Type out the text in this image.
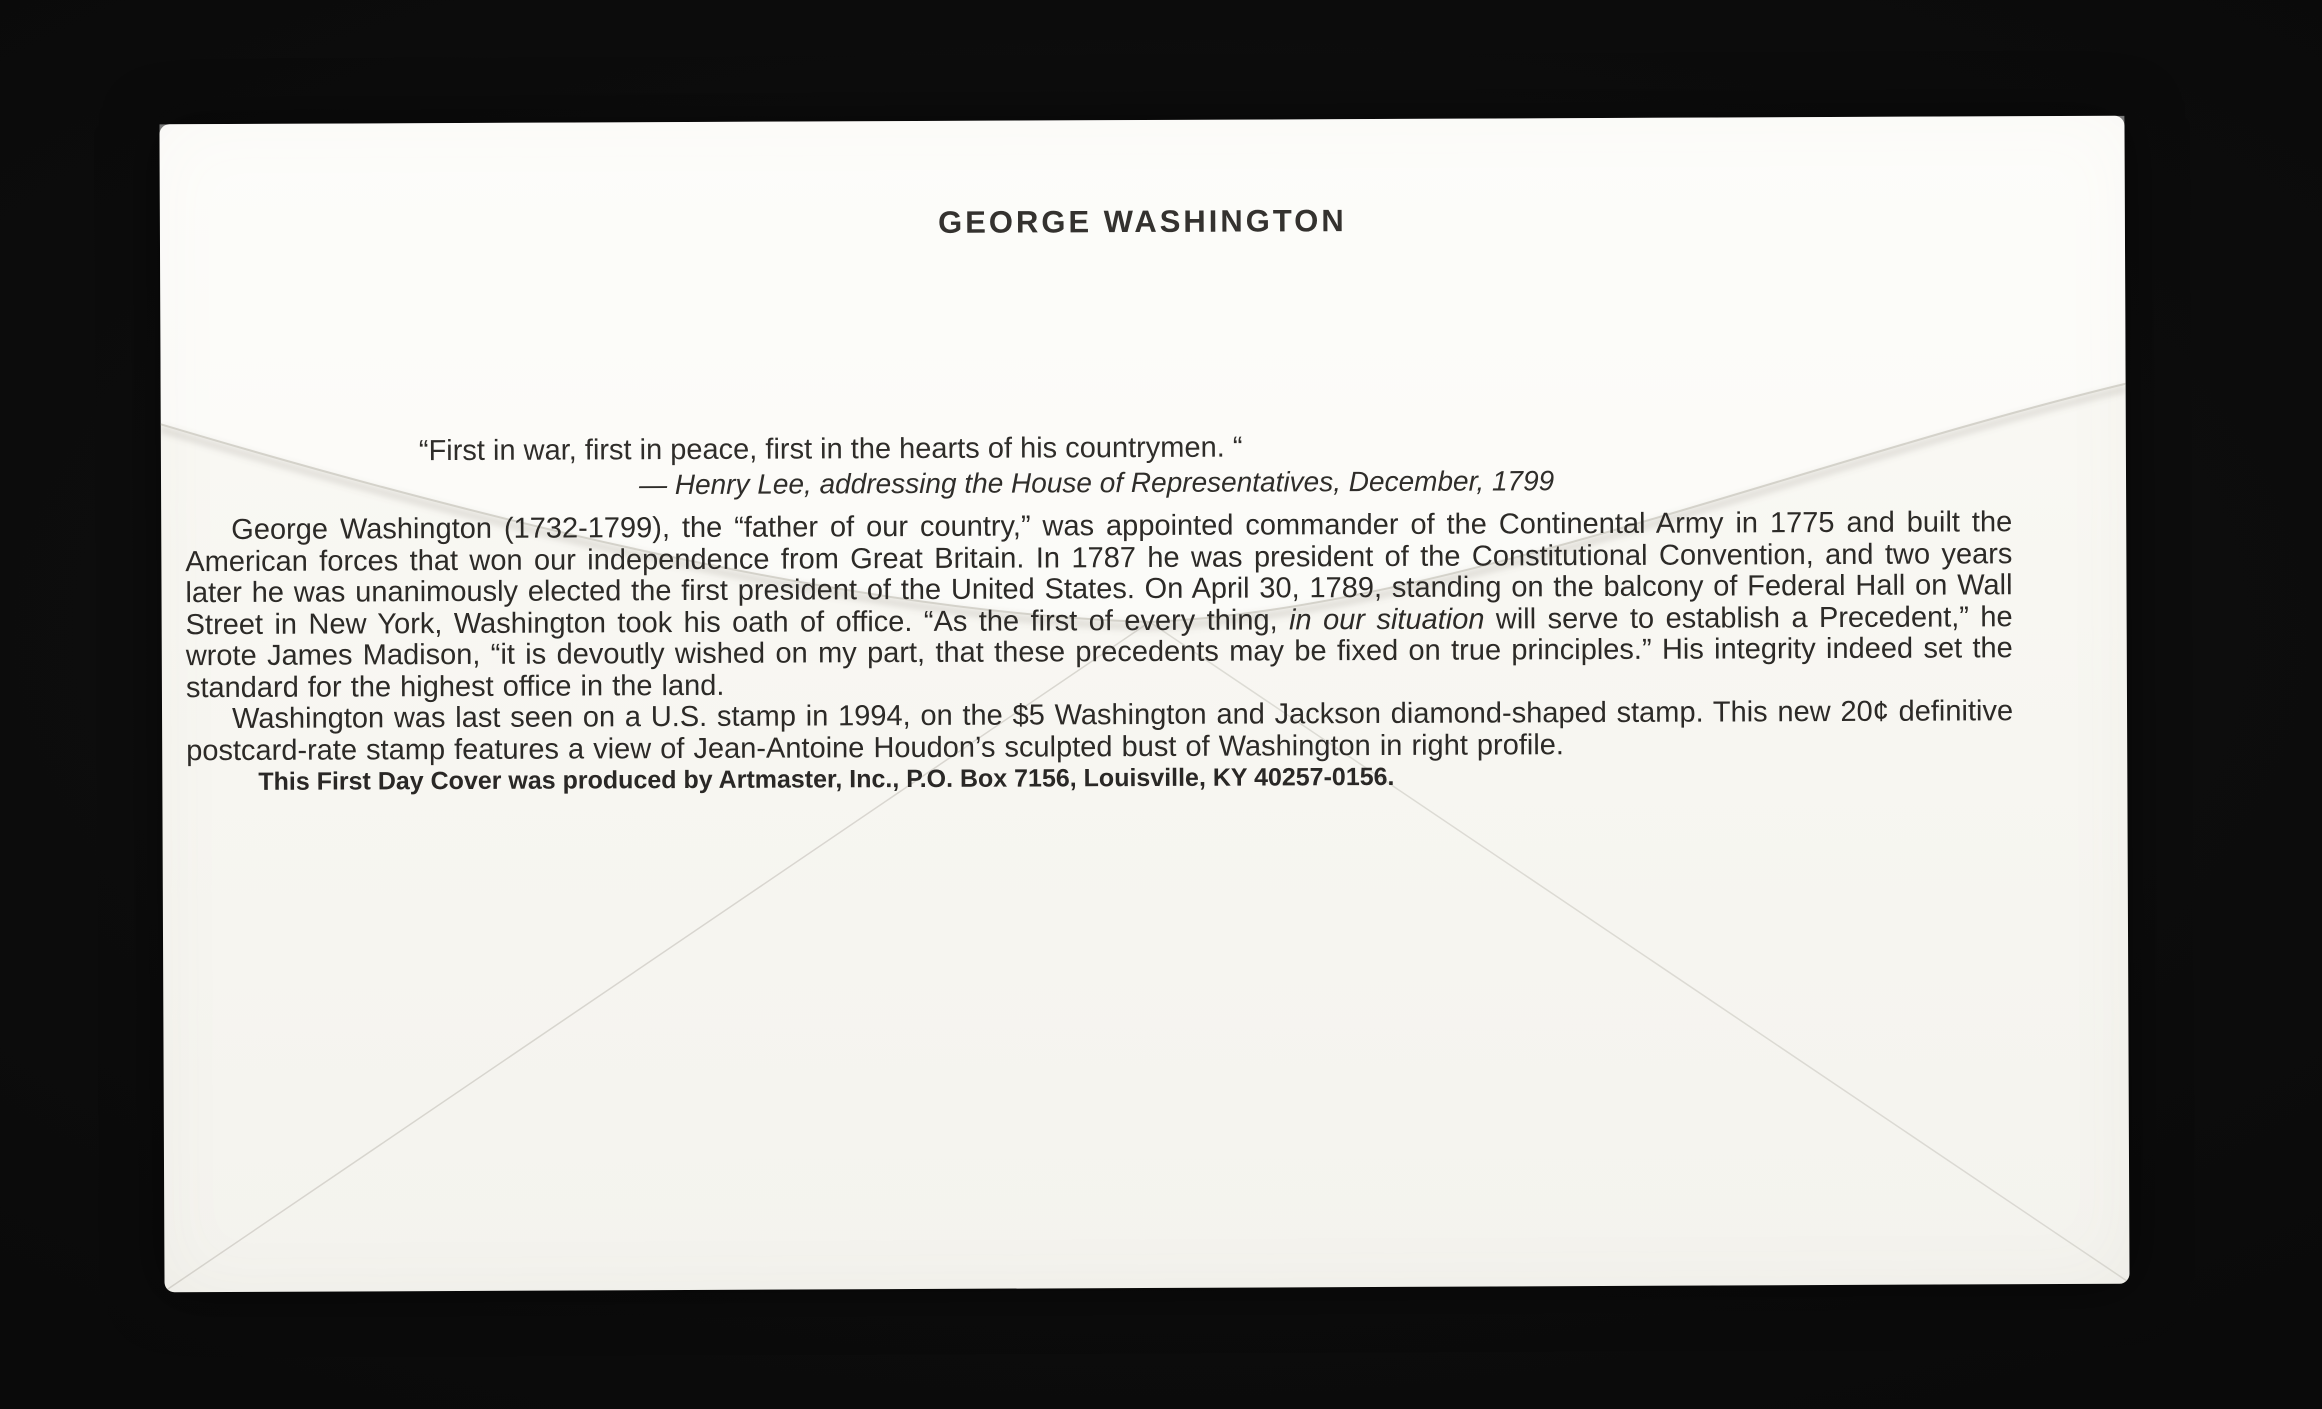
GEORGE WASHINGTON

“First in war, first in peace, first in the hearts of his countrymen. “

— Henry Lee, addressing the House of Representatives, December, 1799

George Washington (1732-1799), the “father of our country,” was appointed commander of the Continental Army in 1775 and built the American forces that won our independence from Great Britain. In 1787 he was president of the Constitutional Convention, and two years later he was unanimously elected the first president of the United States. On April 30, 1789, standing on the balcony of Federal Hall on Wall Street in New York, Washington took his oath of office. “As the first of every thing, in our situation will serve to establish a Precedent,” he wrote James Madison, “it is devoutly wished on my part, that these precedents may be fixed on true principles.” His integrity indeed set the standard for the highest office in the land.

Washington was last seen on a U.S. stamp in 1994, on the $5 Washington and Jackson diamond-shaped stamp. This new 20¢ definitive postcard-rate stamp features a view of Jean-Antoine Houdon’s sculpted bust of Washington in right profile.

This First Day Cover was produced by Artmaster, Inc., P.O. Box 7156, Louisville, KY 40257-0156.
